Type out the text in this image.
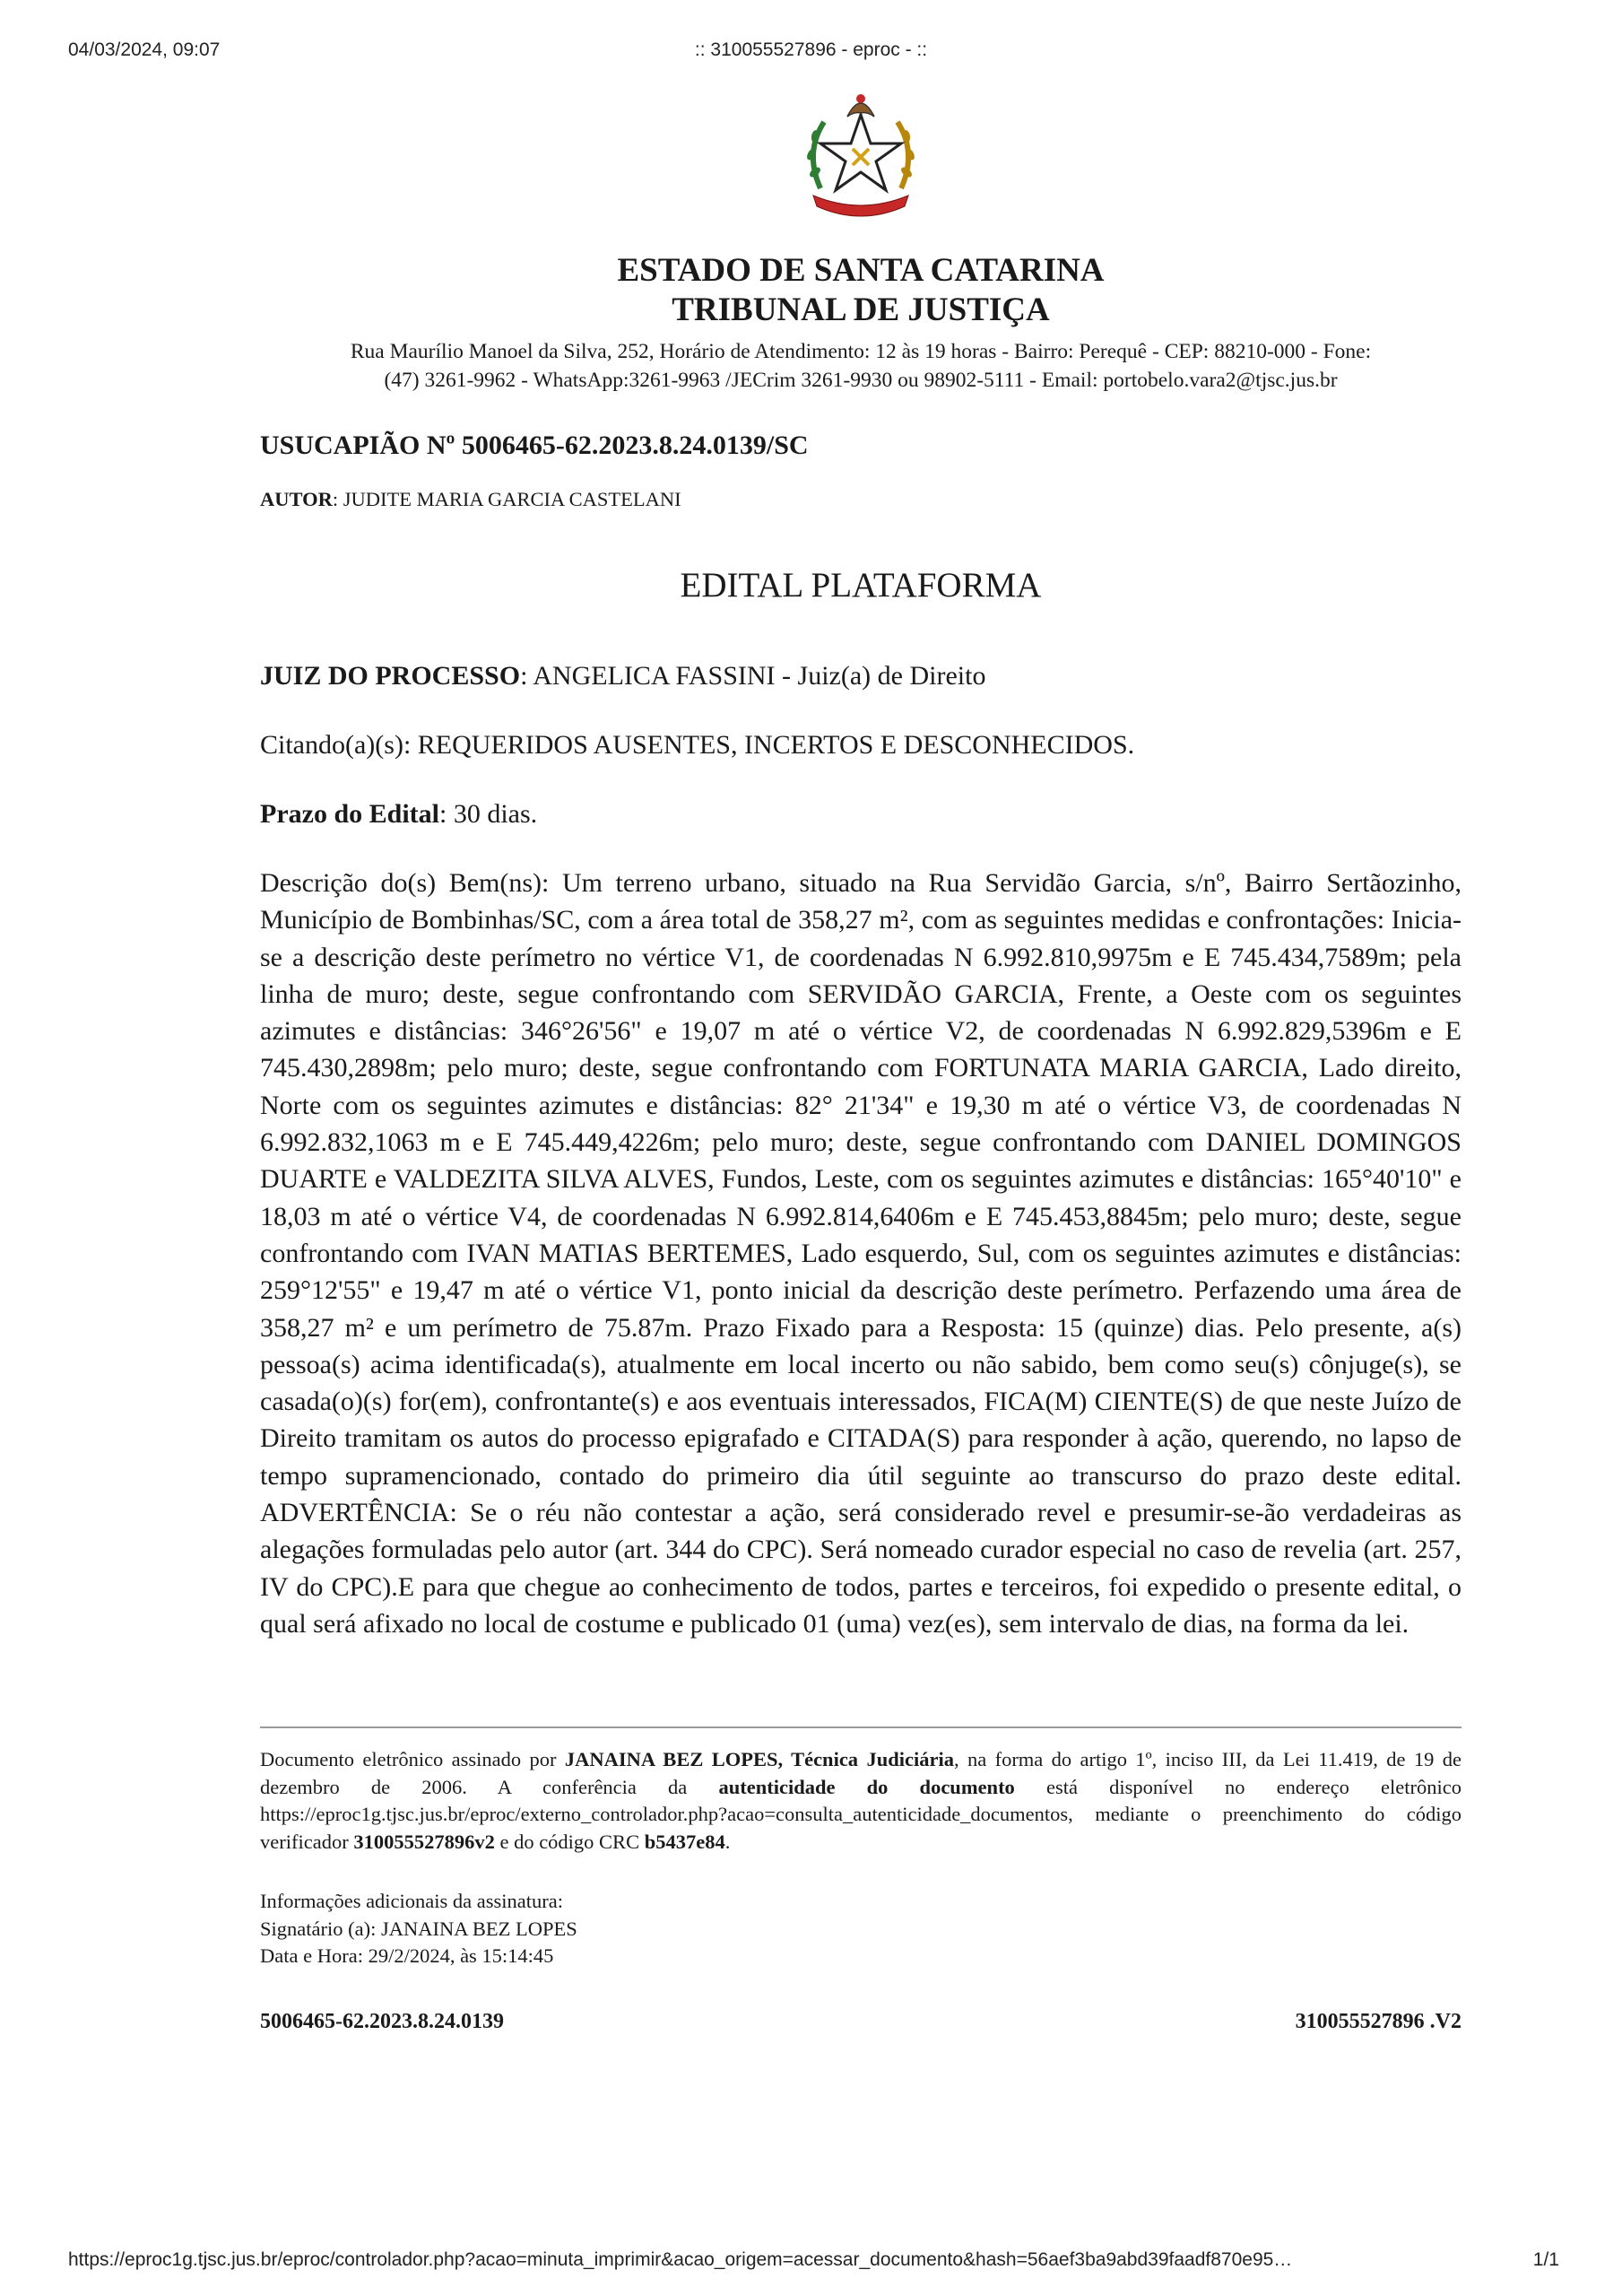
04/03/2024, 09:07	:: 310055527896 - eproc - ::
ESTADO DE SANTA CATARINA
TRIBUNAL DE JUSTIÇA
Rua Maurílio Manoel da Silva, 252, Horário de Atendimento: 12 às 19 horas - Bairro: Perequê - CEP: 88210-000 - Fone:
(47) 3261-9962 - WhatsApp:3261-9963 /JECrim 3261-9930 ou 98902-5111 - Email: portobelo.vara2@tjsc.jus.br
USUCAPIÃO Nº 5006465-62.2023.8.24.0139/SC
AUTOR: JUDITE MARIA GARCIA CASTELANI
EDITAL PLATAFORMA
JUIZ DO PROCESSO: ANGELICA FASSINI - Juiz(a) de Direito
Citando(a)(s): REQUERIDOS AUSENTES, INCERTOS E DESCONHECIDOS.
Prazo do Edital: 30 dias.
Descrição do(s) Bem(ns): Um terreno urbano, situado na Rua Servidão Garcia, s/nº, Bairro Sertãozinho, Município de Bombinhas/SC, com a área total de 358,27 m², com as seguintes medidas e confrontações: Inicia-se a descrição deste perímetro no vértice V1, de coordenadas N 6.992.810,9975m e E 745.434,7589m; pela linha de muro; deste, segue confrontando com SERVIDÃO GARCIA, Frente, a Oeste com os seguintes azimutes e distâncias: 346°26'56" e 19,07 m até o vértice V2, de coordenadas N 6.992.829,5396m e E 745.430,2898m; pelo muro; deste, segue confrontando com FORTUNATA MARIA GARCIA, Lado direito, Norte com os seguintes azimutes e distâncias: 82° 21'34" e 19,30 m até o vértice V3, de coordenadas N 6.992.832,1063 m e E 745.449,4226m; pelo muro; deste, segue confrontando com DANIEL DOMINGOS DUARTE e VALDEZITA SILVA ALVES, Fundos, Leste, com os seguintes azimutes e distâncias: 165°40'10" e 18,03 m até o vértice V4, de coordenadas N 6.992.814,6406m e E 745.453,8845m; pelo muro; deste, segue confrontando com IVAN MATIAS BERTEMES, Lado esquerdo, Sul, com os seguintes azimutes e distâncias: 259°12'55" e 19,47 m até o vértice V1, ponto inicial da descrição deste perímetro. Perfazendo uma área de 358,27 m² e um perímetro de 75.87m. Prazo Fixado para a Resposta: 15 (quinze) dias. Pelo presente, a(s) pessoa(s) acima identificada(s), atualmente em local incerto ou não sabido, bem como seu(s) cônjuge(s), se casada(o)(s) for(em), confrontante(s) e aos eventuais interessados, FICA(M) CIENTE(S) de que neste Juízo de Direito tramitam os autos do processo epigrafado e CITADA(S) para responder à ação, querendo, no lapso de tempo supramencionado, contado do primeiro dia útil seguinte ao transcurso do prazo deste edital. ADVERTÊNCIA: Se o réu não contestar a ação, será considerado revel e presumir-se-ão verdadeiras as alegações formuladas pelo autor (art. 344 do CPC). Será nomeado curador especial no caso de revelia (art. 257, IV do CPC).E para que chegue ao conhecimento de todos, partes e terceiros, foi expedido o presente edital, o qual será afixado no local de costume e publicado 01 (uma) vez(es), sem intervalo de dias, na forma da lei.
Documento eletrônico assinado por JANAINA BEZ LOPES, Técnica Judiciária, na forma do artigo 1º, inciso III, da Lei 11.419, de 19 de dezembro de 2006. A conferência da autenticidade do documento está disponível no endereço eletrônico https://eproc1g.tjsc.jus.br/eproc/externo_controlador.php?acao=consulta_autenticidade_documentos, mediante o preenchimento do código verificador 310055527896v2 e do código CRC b5437e84.
Informações adicionais da assinatura:
Signatário (a): JANAINA BEZ LOPES
Data e Hora: 29/2/2024, às 15:14:45
5006465-62.2023.8.24.0139	310055527896 .V2
https://eproc1g.tjsc.jus.br/eproc/controlador.php?acao=minuta_imprimir&acao_origem=acessar_documento&hash=56aef3ba9abd39faadf870e95…	1/1
